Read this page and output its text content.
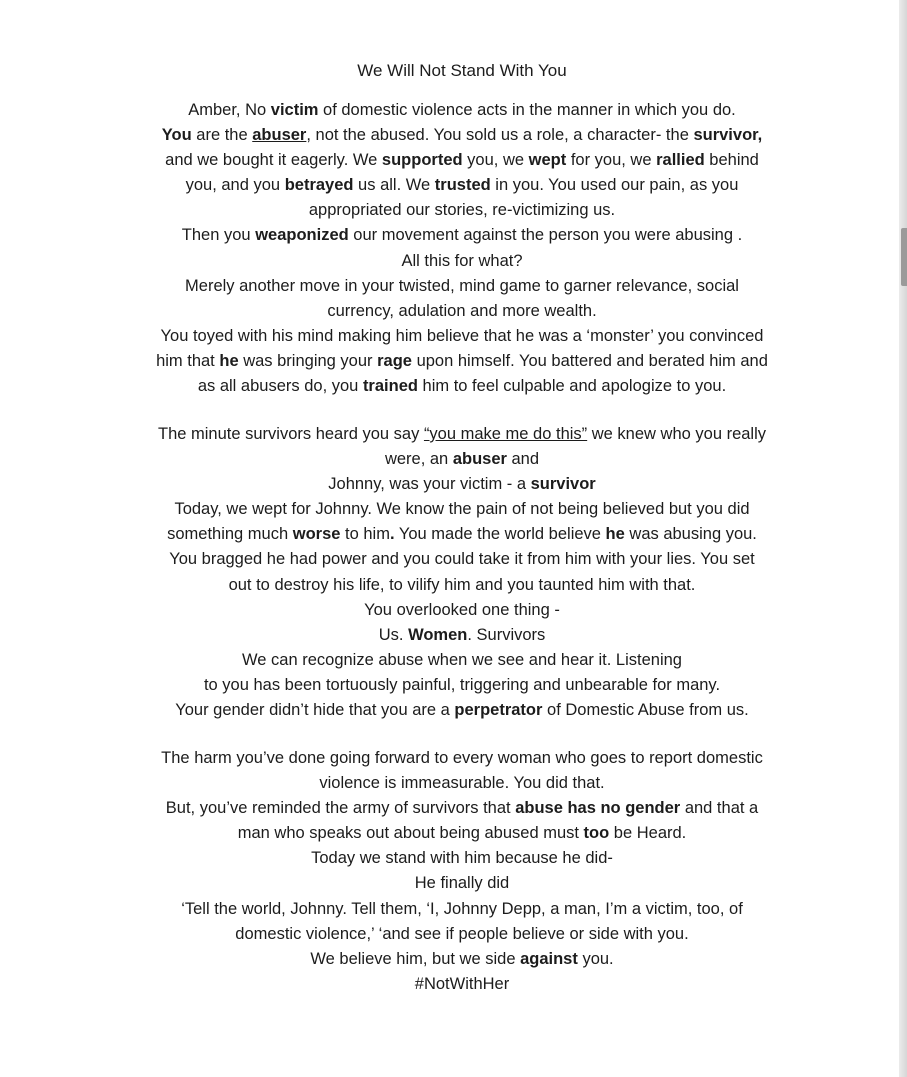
We Will Not Stand With You
Amber, No victim of domestic violence acts in the manner in which you do.
You are the abuser, not the abused. You sold us a role, a character- the survivor,
and we bought it eagerly. We supported you, we wept for you, we rallied behind
you, and you betrayed us all. We trusted in you. You used our pain, as you
appropriated our stories, re-victimizing us.
Then you weaponized our movement against the person you were abusing .
All this for what?
Merely another move in your twisted, mind game to garner relevance, social
currency, adulation and more wealth.
You toyed with his mind making him believe that he was a ‘monster’ you convinced
him that he was bringing your rage upon himself. You battered and berated him and
as all abusers do, you trained him to feel culpable and apologize to you.
The minute survivors heard you say “you make me do this” we knew who you really
were, an abuser and
Johnny, was your victim - a survivor
Today, we wept for Johnny. We know the pain of not being believed but you did
something much worse to him. You made the world believe he was abusing you.
You bragged he had power and you could take it from him with your lies. You set
out to destroy his life, to vilify him and you taunted him with that.
You overlooked one thing -
Us. Women. Survivors
We can recognize abuse when we see and hear it. Listening
to you has been tortuously painful, triggering and unbearable for many.
Your gender didn’t hide that you are a perpetrator of Domestic Abuse from us.
The harm you’ve done going forward to every woman who goes to report domestic
violence is immeasurable. You did that.
But, you’ve reminded the army of survivors that abuse has no gender and that a
man who speaks out about being abused must too be Heard.
Today we stand with him because he did-
He finally did
‘Tell the world, Johnny. Tell them, ‘I, Johnny Depp, a man, I’m a victim, too, of
domestic violence,’ ‘and see if people believe or side with you.
We believe him, but we side against you.
#NotWithHer
